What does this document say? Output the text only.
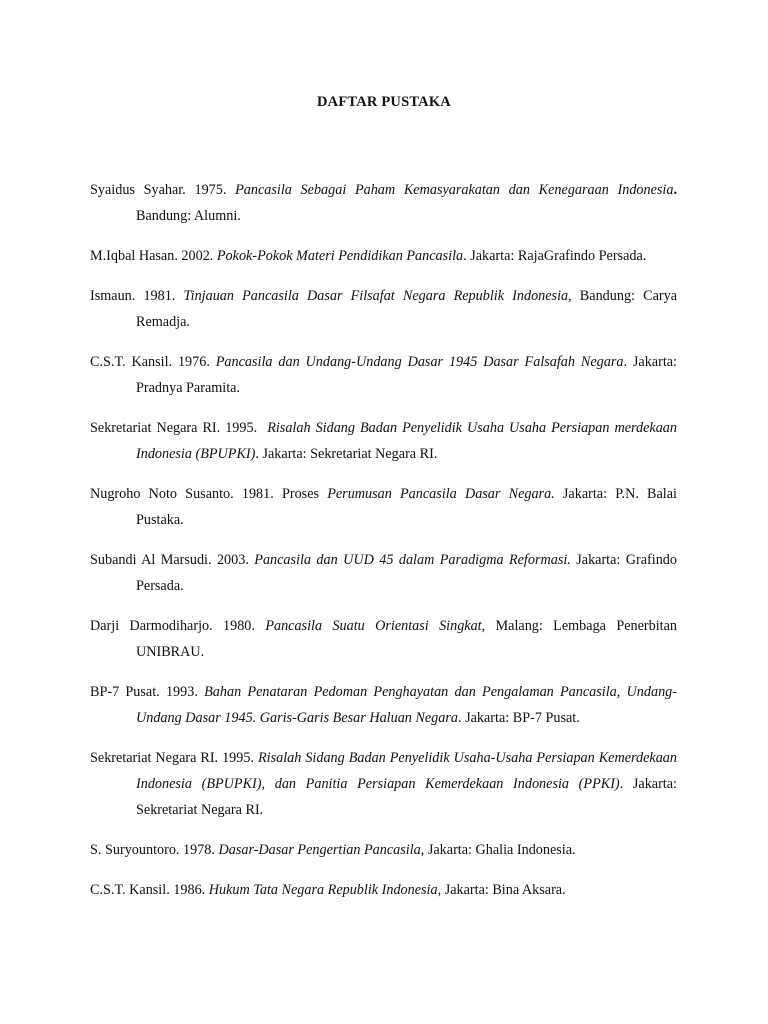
DAFTAR PUSTAKA
Syaidus Syahar. 1975. Pancasila Sebagai Paham Kemasyarakatan dan Kenegaraan Indonesia. Bandung: Alumni.
M.Iqbal Hasan. 2002. Pokok-Pokok Materi Pendidikan Pancasila. Jakarta: RajaGrafindo Persada.
Ismaun. 1981. Tinjauan Pancasila Dasar Filsafat Negara Republik Indonesia, Bandung: Carya Remadja.
C.S.T. Kansil. 1976. Pancasila dan Undang-Undang Dasar 1945 Dasar Falsafah Negara. Jakarta: Pradnya Paramita.
Sekretariat Negara RI. 1995.  Risalah Sidang Badan Penyelidik Usaha Usaha Persiapan merdekaan Indonesia (BPUPKI). Jakarta: Sekretariat Negara RI.
Nugroho Noto Susanto. 1981. Proses Perumusan Pancasila Dasar Negara. Jakarta: P.N. Balai Pustaka.
Subandi Al Marsudi. 2003. Pancasila dan UUD 45 dalam Paradigma Reformasi. Jakarta: Grafindo Persada.
Darji Darmodiharjo. 1980. Pancasila Suatu Orientasi Singkat, Malang: Lembaga Penerbitan UNIBRAU.
BP-7 Pusat. 1993. Bahan Penataran Pedoman Penghayatan dan Pengalaman Pancasila, Undang-Undang Dasar 1945. Garis-Garis Besar Haluan Negara. Jakarta: BP-7 Pusat.
Sekretariat Negara RI. 1995. Risalah Sidang Badan Penyelidik Usaha-Usaha Persiapan Kemerdekaan Indonesia (BPUPKI), dan Panitia Persiapan Kemerdekaan Indonesia (PPKI). Jakarta: Sekretariat Negara RI.
S. Suryountoro. 1978. Dasar-Dasar Pengertian Pancasila, Jakarta: Ghalia Indonesia.
C.S.T. Kansil. 1986. Hukum Tata Negara Republik Indonesia, Jakarta: Bina Aksara.
